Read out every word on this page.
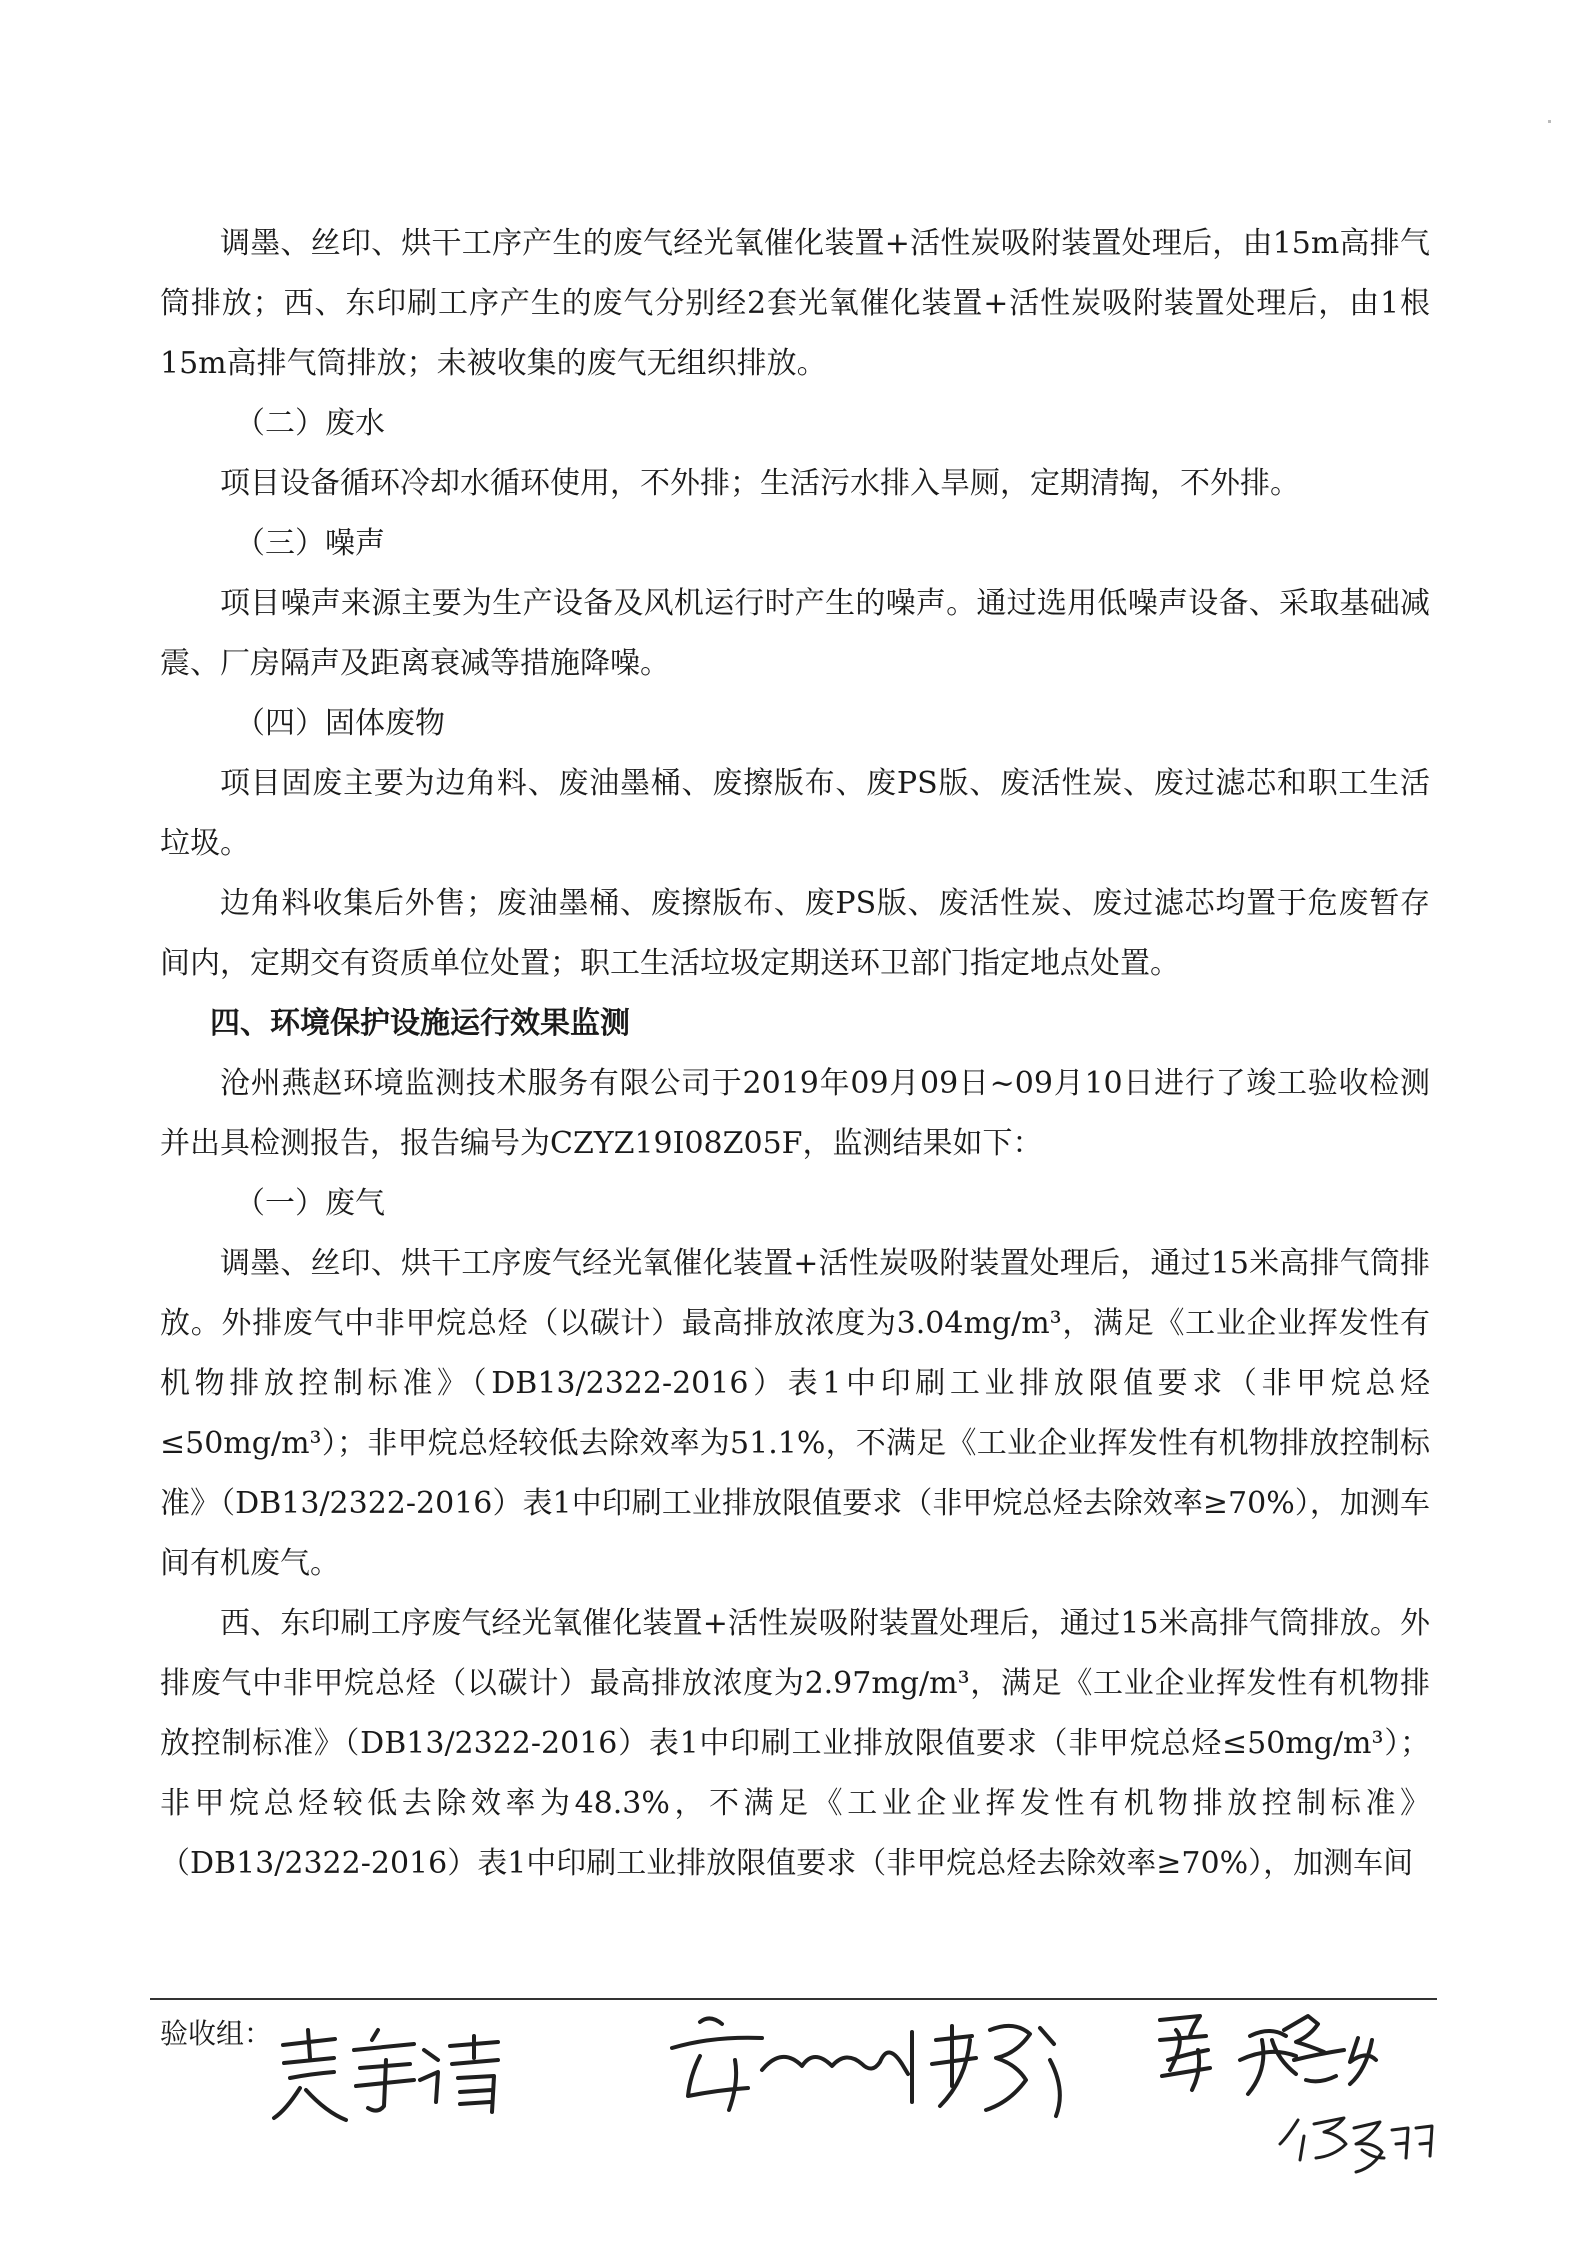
调墨、丝印、烘干工序产生的废气经光氧催化装置+活性炭吸附装置处理后，由15m高排气筒排放；西、东印刷工序产生的废气分别经2套光氧催化装置+活性炭吸附装置处理后，由1根15m高排气筒排放；未被收集的废气无组织排放。

（二）废水

项目设备循环冷却水循环使用，不外排；生活污水排入旱厕，定期清掏，不外排。

（三）噪声

项目噪声来源主要为生产设备及风机运行时产生的噪声。通过选用低噪声设备、采取基础减震、厂房隔声及距离衰减等措施降噪。

（四）固体废物

项目固废主要为边角料、废油墨桶、废擦版布、废PS版、废活性炭、废过滤芯和职工生活垃圾。

边角料收集后外售；废油墨桶、废擦版布、废PS版、废活性炭、废过滤芯均置于危废暂存间内，定期交有资质单位处置；职工生活垃圾定期送环卫部门指定地点处置。

四、环境保护设施运行效果监测

沧州燕赵环境监测技术服务有限公司于2019年09月09日~09月10日进行了竣工验收检测并出具检测报告，报告编号为CZYZ19I08Z05F，监测结果如下：

（一）废气

调墨、丝印、烘干工序废气经光氧催化装置+活性炭吸附装置处理后，通过15米高排气筒排放。外排废气中非甲烷总烃（以碳计）最高排放浓度为3.04mg/m³，满足《工业企业挥发性有机物排放控制标准》（DB13/2322-2016）表1中印刷工业排放限值要求（非甲烷总烃≤50mg/m³）；非甲烷总烃较低去除效率为51.1%，不满足《工业企业挥发性有机物排放控制标准》（DB13/2322-2016）表1中印刷工业排放限值要求（非甲烷总烃去除效率≥70%），加测车间有机废气。

西、东印刷工序废气经光氧催化装置+活性炭吸附装置处理后，通过15米高排气筒排放。外排废气中非甲烷总烃（以碳计）最高排放浓度为2.97mg/m³，满足《工业企业挥发性有机物排放控制标准》（DB13/2322-2016）表1中印刷工业排放限值要求（非甲烷总烃≤50mg/m³）；非甲烷总烃较低去除效率为48.3%，不满足《工业企业挥发性有机物排放控制标准》（DB13/2322-2016）表1中印刷工业排放限值要求（非甲烷总烃去除效率≥70%），加测车间

验收组：
